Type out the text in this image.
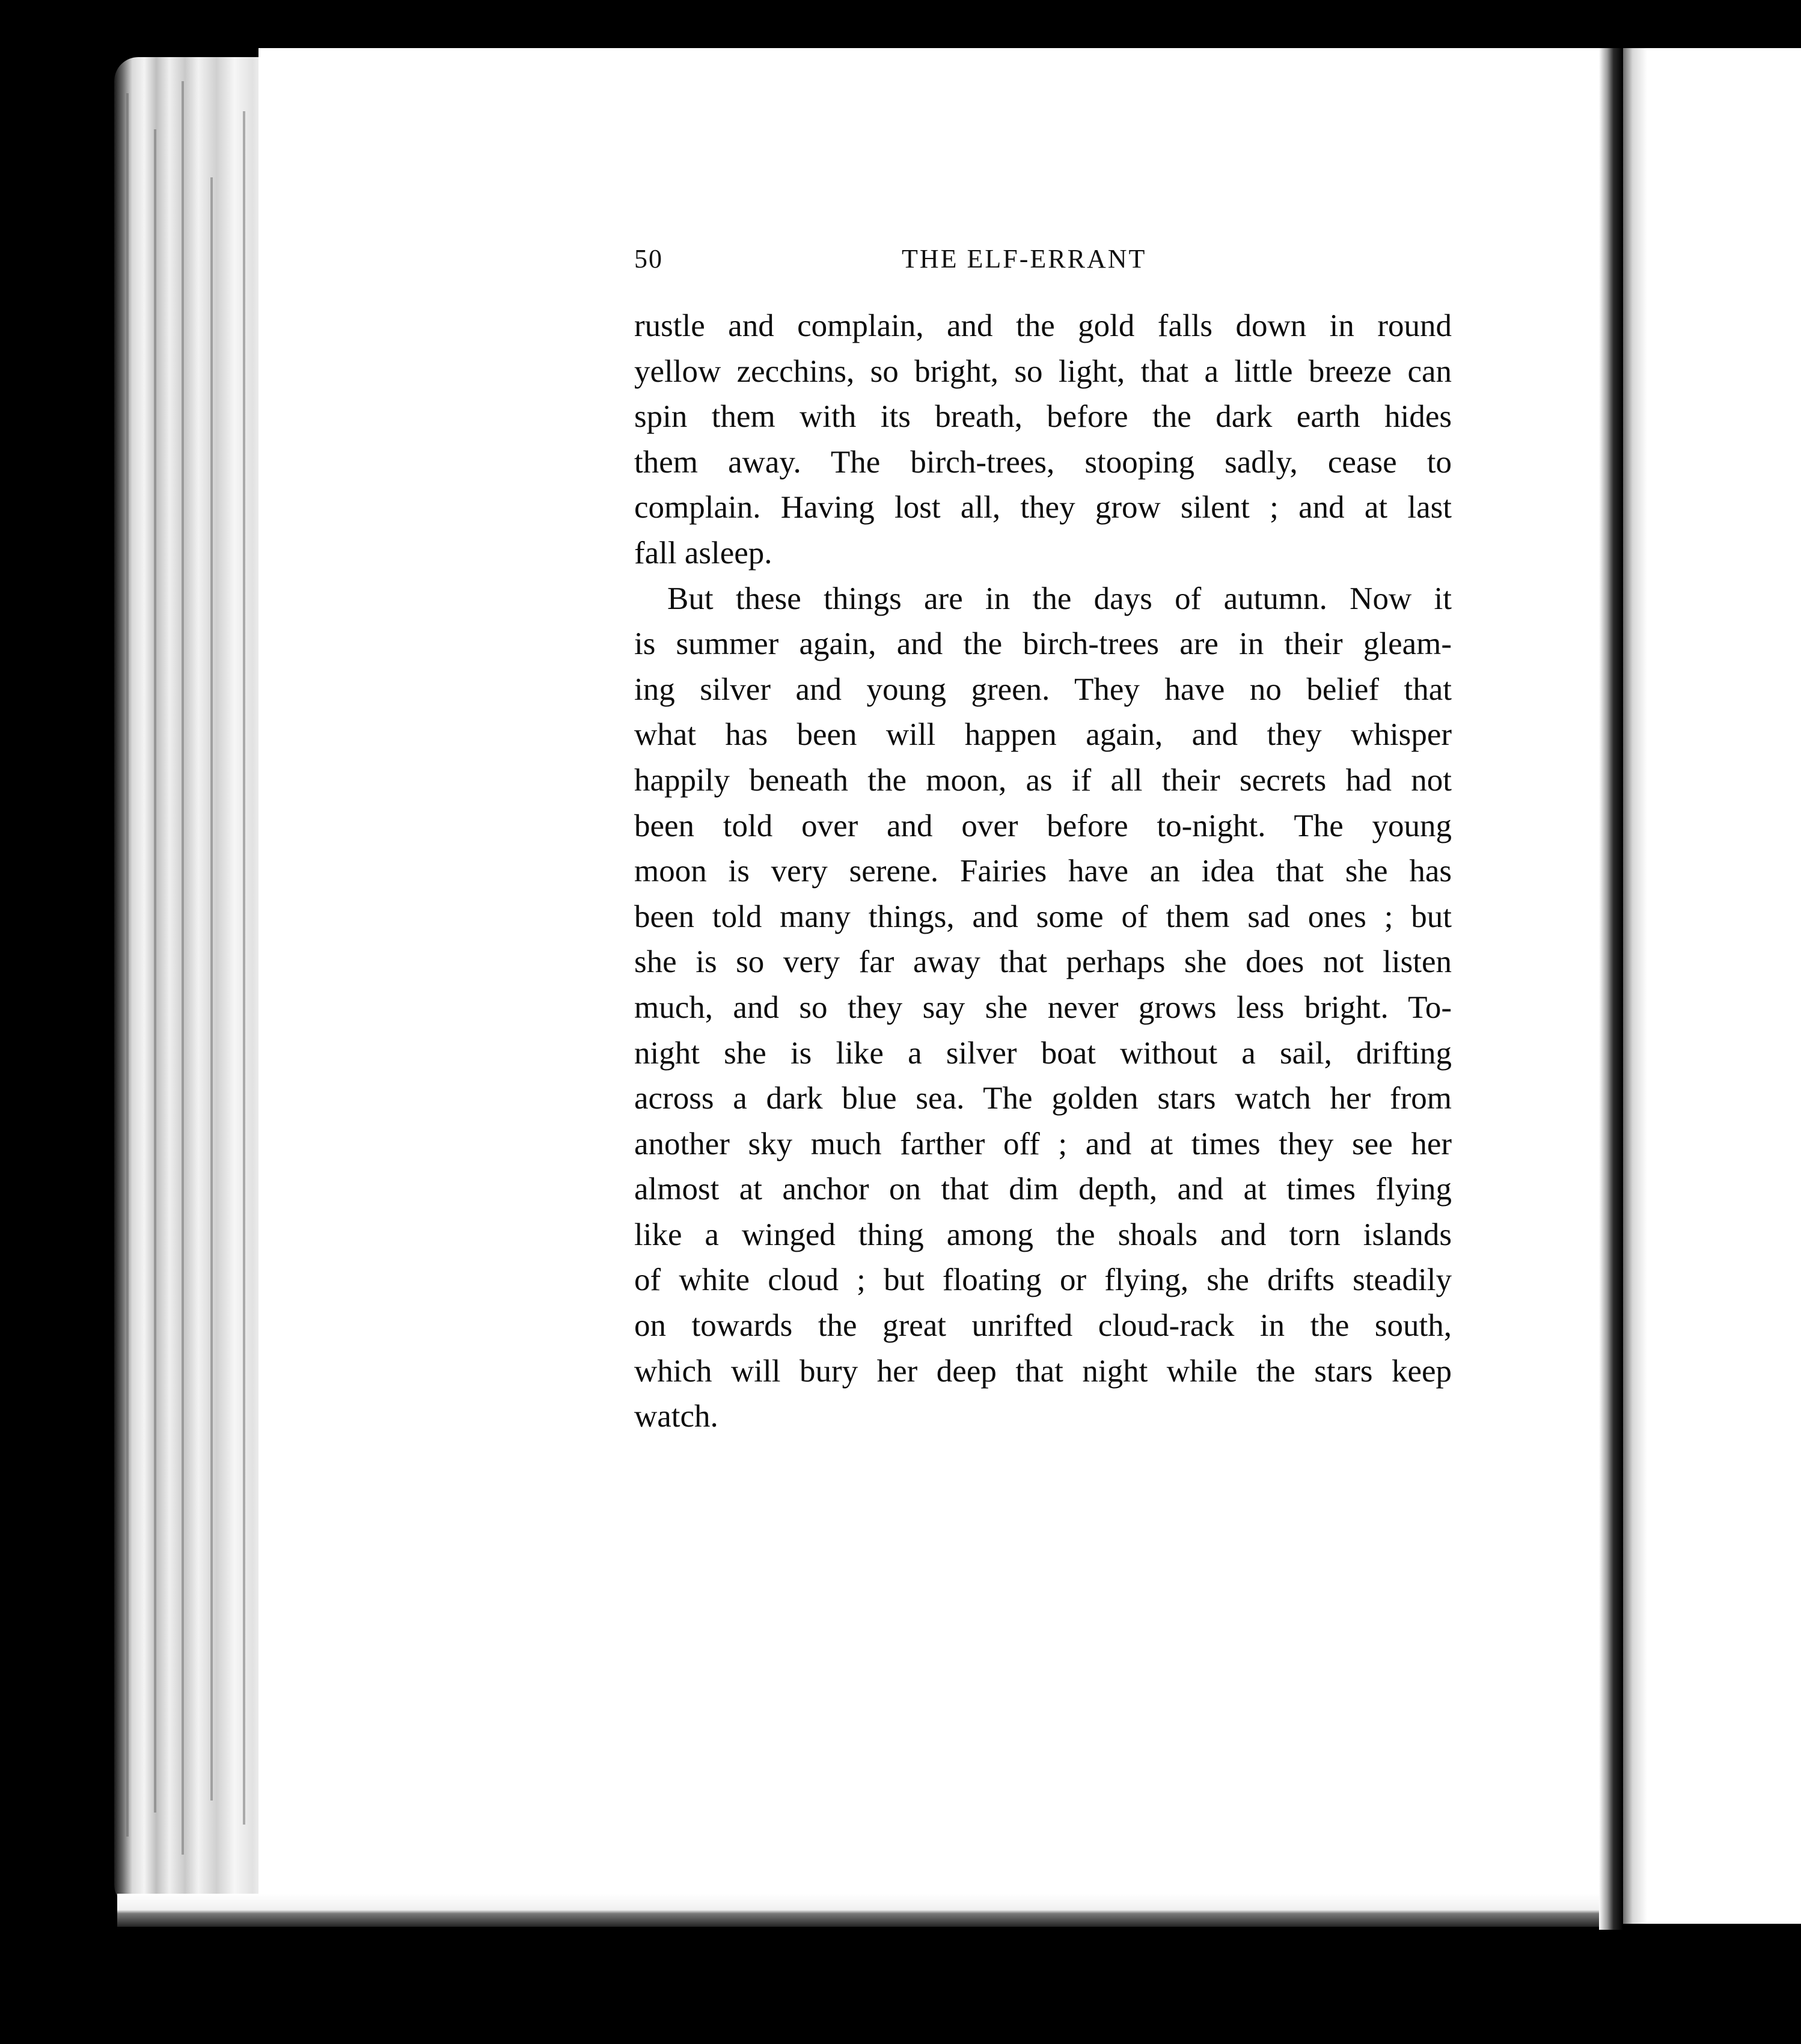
50	THE ELF-ERRANT
rustle and complain, and the gold falls down in round
yellow zecchins, so bright, so light, that a little breeze can
spin them with its breath, before the dark earth hides
them away. The birch-trees, stooping sadly, cease to
complain. Having lost all, they grow silent ; and at last
fall asleep.
But these things are in the days of autumn. Now it
is summer again, and the birch-trees are in their gleam-
ing silver and young green. They have no belief that
what has been will happen again, and they whisper
happily beneath the moon, as if all their secrets had not
been told over and over before to-night. The young
moon is very serene. Fairies have an idea that she has
been told many things, and some of them sad ones ; but
she is so very far away that perhaps she does not listen
much, and so they say she never grows less bright. To-
night she is like a silver boat without a sail, drifting
across a dark blue sea. The golden stars watch her from
another sky much farther off ; and at times they see her
almost at anchor on that dim depth, and at times flying
like a winged thing among the shoals and torn islands
of white cloud ; but floating or flying, she drifts steadily
on towards the great unrifted cloud-rack in the south,
which will bury her deep that night while the stars keep
watch.
